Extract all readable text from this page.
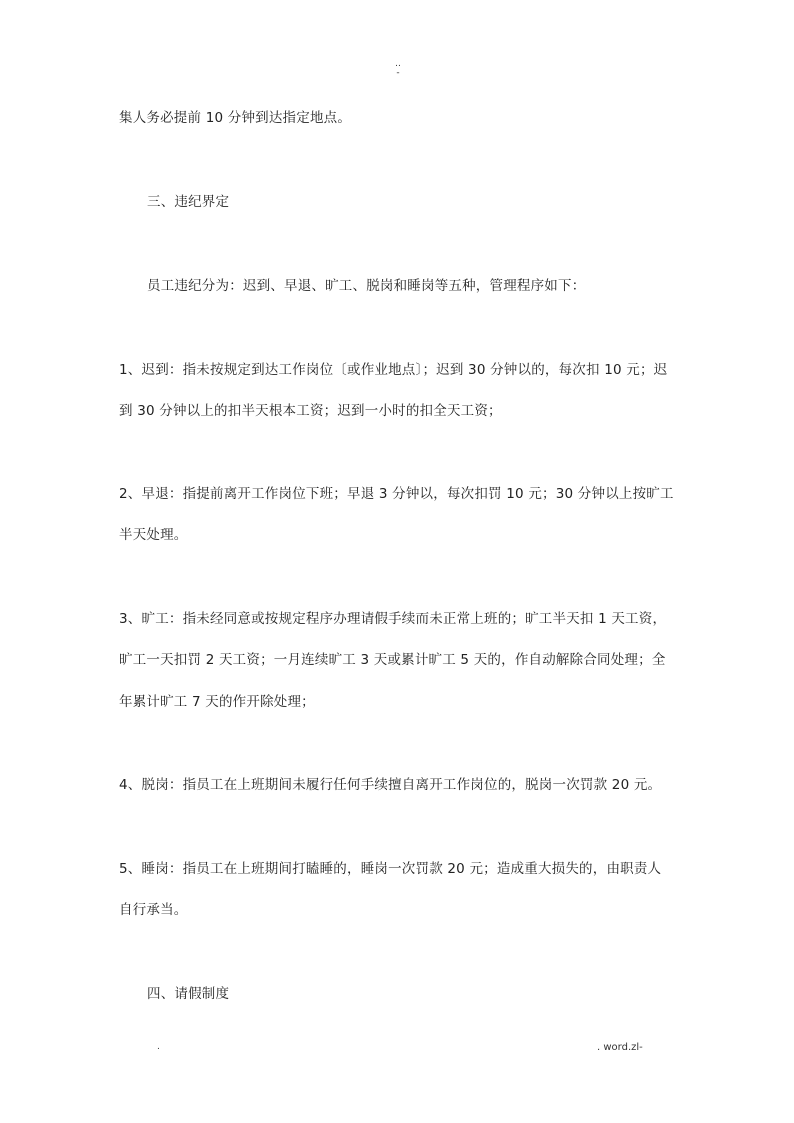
..
-
集人务必提前 10 分钟到达指定地点。
三、违纪界定
员工违纪分为：迟到、早退、旷工、脱岗和睡岗等五种，管理程序如下：
1、迟到：指未按规定到达工作岗位〔或作业地点〕；迟到 30 分钟以的，每次扣 10 元；迟
到 30 分钟以上的扣半天根本工资；迟到一小时的扣全天工资；
2、早退：指提前离开工作岗位下班；早退 3 分钟以，每次扣罚 10 元；30 分钟以上按旷工
半天处理。
3、旷工：指未经同意或按规定程序办理请假手续而未正常上班的；旷工半天扣 1 天工资，
旷工一天扣罚 2 天工资；一月连续旷工 3 天或累计旷工 5 天的，作自动解除合同处理；全
年累计旷工 7 天的作开除处理；
4、脱岗：指员工在上班期间未履行任何手续擅自离开工作岗位的，脱岗一次罚款 20 元。
5、睡岗：指员工在上班期间打瞌睡的，睡岗一次罚款 20 元；造成重大损失的，由职责人
自行承当。
四、请假制度
.	. word.zl-
